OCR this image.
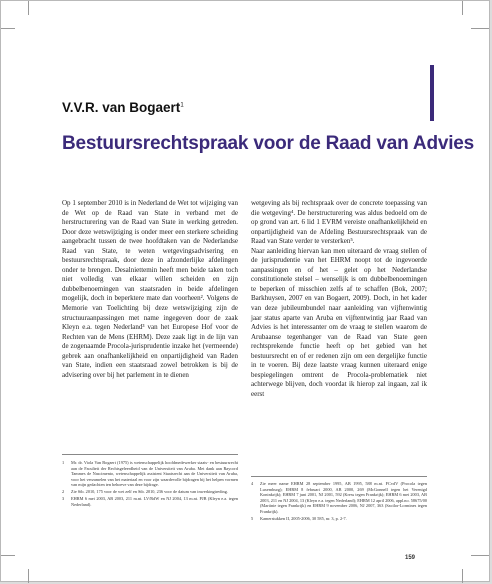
V.V.R. van Bogaert$^1$
Bestuursrechtspraak voor de Raad van Advies

Op 1 september 2010 is in Nederland de Wet tot wijziging van de Wet op de Raad van State in verband met de herstructurering van de Raad van State in werking getreden. Door deze wetswijziging is onder meer een sterkere scheiding aangebracht tussen de twee hoofdtaken van de Nederlandse Raad van State, te weten wetgevingsadvisering en bestuursrechtspraak, door deze in afzonderlijke afdelingen onder te brengen. Desalniettemin heeft men beide taken toch niet volledig van elkaar willen scheiden en zijn dubbelbenoemingen van staatsraden in beide afdelingen mogelijk, doch in beperktere mate dan voorheen². Volgens de Memorie van Toelichting bij deze wetswijziging zijn de structuuraanpassingen met name ingegeven door de zaak Kleyn e.a. tegen Nederland³ van het Europese Hof voor de Rechten van de Mens (EHRM). Deze zaak ligt in de lijn van de zogenaamde Procola-jurisprudentie inzake het (vermeende) gebrek aan onafhankelijkheid en onpartijdigheid van Raden van State, indien een staatsraad zowel betrokken is bij de advisering over bij het parlement in te dienen

wetgeving als bij rechtspraak over de concrete toepassing van die wetgeving⁴. De herstructurering was aldus bedoeld om de op grond van art. 6 lid 1 EVRM vereiste onafhankelijkheid en onpartijdigheid van de Afdeling Bestuursrechtspraak van de Raad van State verder te versterken⁵.

Naar aanleiding hiervan kan men uiteraard de vraag stellen of de jurisprudentie van het EHRM noopt tot de ingevoerde aanpassingen en of het – gelet op het Nederlandse constitutionele stelsel – wenselijk is om dubbelbenoemingen te beperken of misschien zelfs af te schaffen (Bok, 2007; Barkhuysen, 2007 en van Bogaert, 2009). Doch, in het kader van deze jubileumbundel naar aanleiding van vijftenwintig jaar status aparte van Aruba en vijftentwintig jaar Raad van Advies is het interessanter om de vraag te stellen waarom de Arubaanse tegenhanger van de Raad van State geen rechtsprekende functie heeft op het gebied van het bestuursrecht en of er redenen zijn om een dergelijke functie in te voeren. Bij deze laatste vraag kunnen uiteraard enige bespiegelingen omtrent de Procola-problematiek niet achterwege blijven, doch voordat ik hierop zal ingaan, zal ik eerst

1	Mr. dr. Viola Van Bogaert (1975) is wetenschappelijk hoofdmedewerker staats- en bestuursrecht aan de Faculteit der Rechtsgeleerdheid van de Universiteit van Aruba. Met dank aan Raycord Tammes de Nascimento, wetenschappelijk assistent Staatsrecht aan de Universiteit van Aruba, voor het verzamelen van het materiaal en voor zijn waardevolle bijdragen bij het helpen vormen van mijn gedachten ten behoeve van deze bijdrage.
2	Zie Stb. 2010, 175 voor de wet zelf en Stb. 2010, 236 voor de datum van inwerkingtreding.
3	EHRM 6 mei 2003, AB 2003, 211 m.nt. LV/RdW en NJ 2004, 13 m.nt. PJB (Kleyn e.a. tegen Nederland).
4	Zie meer name EHRM 28 september 1995, AB 1995, 588 m.nt. FCvdV (Procola tegen Luxemburg); EHRM 8 februari 2000, AB 2000, 269 (McGonnell tegen het Verenigd Koninkrijk); EHRM 7 juni 2001, NJ 2001, 592 (Kress tegen Frankrijk); EHRM 6 mei 2003, AB 2003, 211 en NJ 2004, 13 (Kleyn e.a. tegen Nederland); EHRM 12 april 2006, appl.no. 58675/00 (Martinie tegen Frankrijk) en EHRM 9 november 2006, NJ 2007, 363 (Sacilor-Lormines tegen Frankrijk).
5	Kamerstukken II, 2005-2006, 30 585, nr. 3, p. 2-7.
159
